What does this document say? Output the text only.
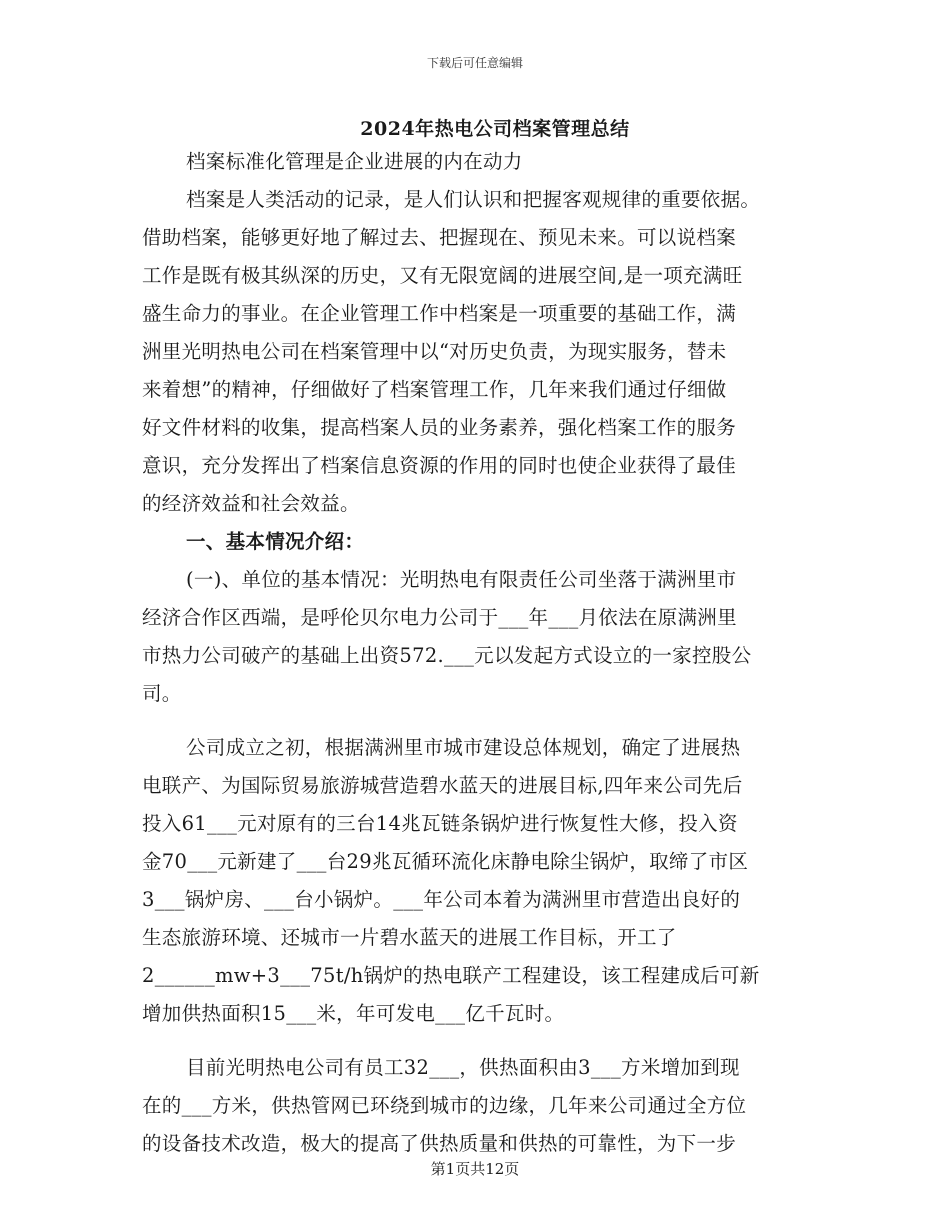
下载后可任意编辑
2024年热电公司档案管理总结
档案标准化管理是企业进展的内在动力
档案是人类活动的记录，是人们认识和把握客观规律的重要依据。
借助档案，能够更好地了解过去、把握现在、预见未来。可以说档案
工作是既有极其纵深的历史，又有无限宽阔的进展空间,是一项充满旺
盛生命力的事业。在企业管理工作中档案是一项重要的基础工作，满
洲里光明热电公司在档案管理中以“对历史负责，为现实服务，替未
来着想”的精神，仔细做好了档案管理工作，几年来我们通过仔细做
好文件材料的收集，提高档案人员的业务素养，强化档案工作的服务
意识，充分发挥出了档案信息资源的作用的同时也使企业获得了最佳
的经济效益和社会效益。
一、基本情况介绍：
(一)、单位的基本情况：光明热电有限责任公司坐落于满洲里市
经济合作区西端，是呼伦贝尔电力公司于___年___月依法在原满洲里
市热力公司破产的基础上出资572.___元以发起方式设立的一家控股公
司。
公司成立之初，根据满洲里市城市建设总体规划，确定了进展热
电联产、为国际贸易旅游城营造碧水蓝天的进展目标,四年来公司先后
投入61___元对原有的三台14兆瓦链条锅炉进行恢复性大修，投入资
金70___元新建了___台29兆瓦循环流化床静电除尘锅炉，取缔了市区
3___锅炉房、___台小锅炉。___年公司本着为满洲里市营造出良好的
生态旅游环境、还城市一片碧水蓝天的进展工作目标，开工了
2______mw+3___75t/h锅炉的热电联产工程建设，该工程建成后可新
增加供热面积15___米，年可发电___亿千瓦时。
目前光明热电公司有员工32___，供热面积由3___方米增加到现
在的___方米，供热管网已环绕到城市的边缘，几年来公司通过全方位
的设备技术改造，极大的提高了供热质量和供热的可靠性，为下一步
第1页共12页
